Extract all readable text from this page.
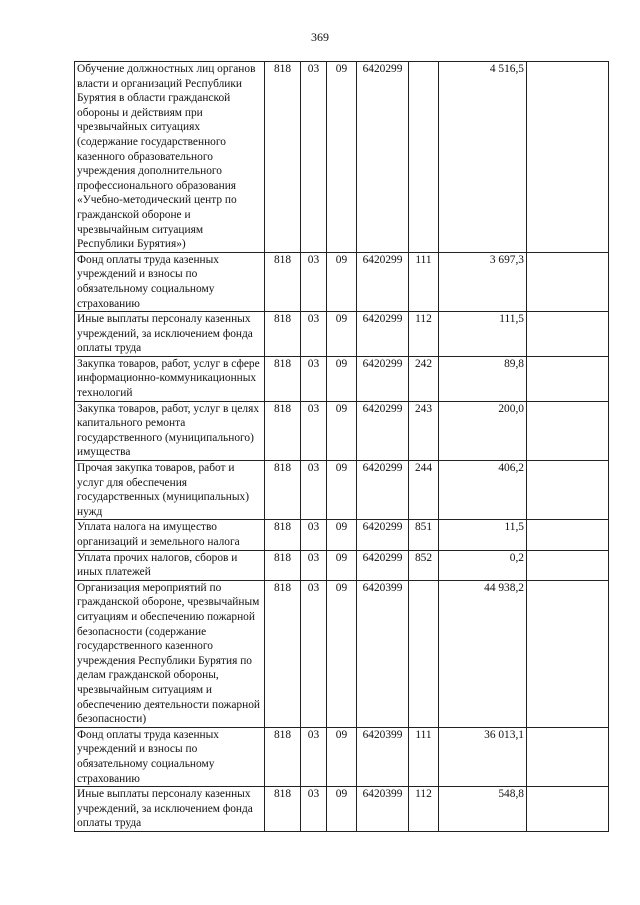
369
Обучение должностных лиц органов власти и организаций Республики Бурятия в области гражданской обороны и действиям при чрезвычайных ситуациях (содержание государственного казенного образовательного учреждения дополнительного профессионального образования «Учебно-методический центр по гражданской обороне и чрезвычайным ситуациям Республики Бурятия»)	818	03	09	6420299		4 516,5	
Фонд оплаты труда казенных учреждений и взносы по обязательному социальному страхованию	818	03	09	6420299	111	3 697,3	
Иные выплаты персоналу казенных учреждений, за исключением фонда оплаты труда	818	03	09	6420299	112	111,5	
Закупка товаров, работ, услуг в сфере информационно-коммуникационных технологий	818	03	09	6420299	242	89,8	
Закупка товаров, работ, услуг в целях капитального ремонта государственного (муниципального) имущества	818	03	09	6420299	243	200,0	
Прочая закупка товаров, работ и услуг для обеспечения государственных (муниципальных) нужд	818	03	09	6420299	244	406,2	
Уплата налога на имущество организаций и земельного налога	818	03	09	6420299	851	11,5	
Уплата прочих налогов, сборов и иных платежей	818	03	09	6420299	852	0,2	
Организация мероприятий по гражданской обороне, чрезвычайным ситуациям и обеспечению пожарной безопасности (содержание государственного казенного учреждения Республики Бурятия по делам гражданской обороны, чрезвычайным ситуациям и обеспечению деятельности пожарной безопасности)	818	03	09	6420399		44 938,2	
Фонд оплаты труда казенных учреждений и взносы по обязательному социальному страхованию	818	03	09	6420399	111	36 013,1	
Иные выплаты персоналу казенных учреждений, за исключением фонда оплаты труда	818	03	09	6420399	112	548,8	
